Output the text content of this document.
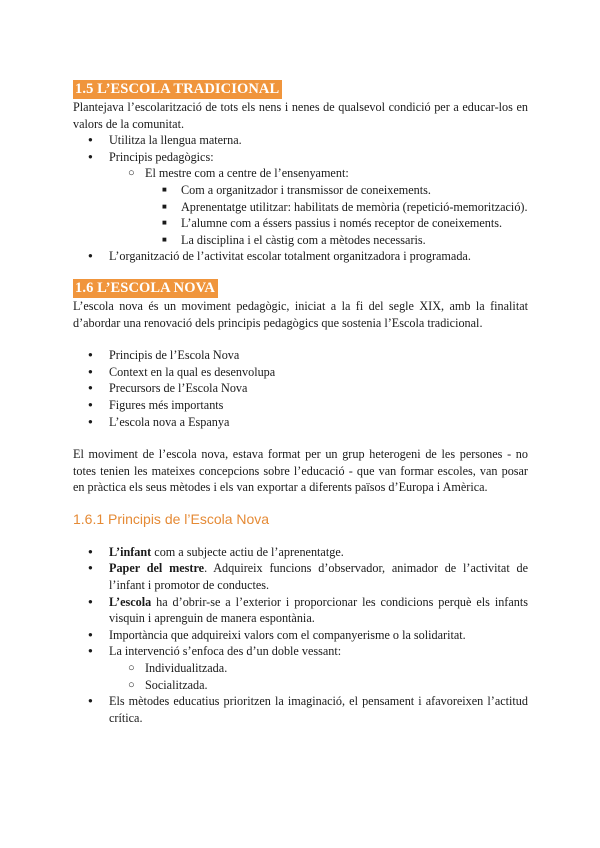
1.5 L’ESCOLA TRADICIONAL

Plantejava l’escolarització de tots els nens i nenes de qualsevol condició per a educar-los en valors de la comunitat.

● Utilitza la llengua materna.
● Principis pedagògics:
○ El mestre com a centre de l’ensenyament:
■ Com a organitzador i transmissor de coneixements.
■ Aprenentatge utilitzar: habilitats de memòria (repetició-memorització).
■ L’alumne com a éssers passius i només receptor de coneixements.
■ La disciplina i el càstig com a mètodes necessaris.
● L’organització de l’activitat escolar totalment organitzadora i programada.
1.6 L’ESCOLA NOVA

L’escola nova és un moviment pedagògic, iniciat a la fi del segle XIX, amb la finalitat d’abordar una renovació dels principis pedagògics que sostenia l’Escola tradicional.

● Principis de l’Escola Nova
● Context en la qual es desenvolupa
● Precursors de l’Escola Nova
● Figures més importants
● L’escola nova a Espanya

El moviment de l’escola nova, estava format per un grup heterogeni de les persones - no totes tenien les mateixes concepcions sobre l’educació - que van formar escoles, van posar en pràctica els seus mètodes i els van exportar a diferents països d’Europa i Amèrica.

1.6.1 Principis de l’Escola Nova
● L’infant com a subjecte actiu de l’aprenentatge.
● Paper del mestre. Adquireix funcions d’observador, animador de l’activitat de l’infant i promotor de conductes.
● L’escola ha d’obrir-se a l’exterior i proporcionar les condicions perquè els infants visquin i aprenguin de manera espontània.
● Importància que adquireixi valors com el companyerisme o la solidaritat.
● La intervenció s’enfoca des d’un doble vessant:
○ Individualitzada.
○ Socialitzada.
● Els mètodes educatius prioritzen la imaginació, el pensament i afavoreixen l’actitud crítica.
